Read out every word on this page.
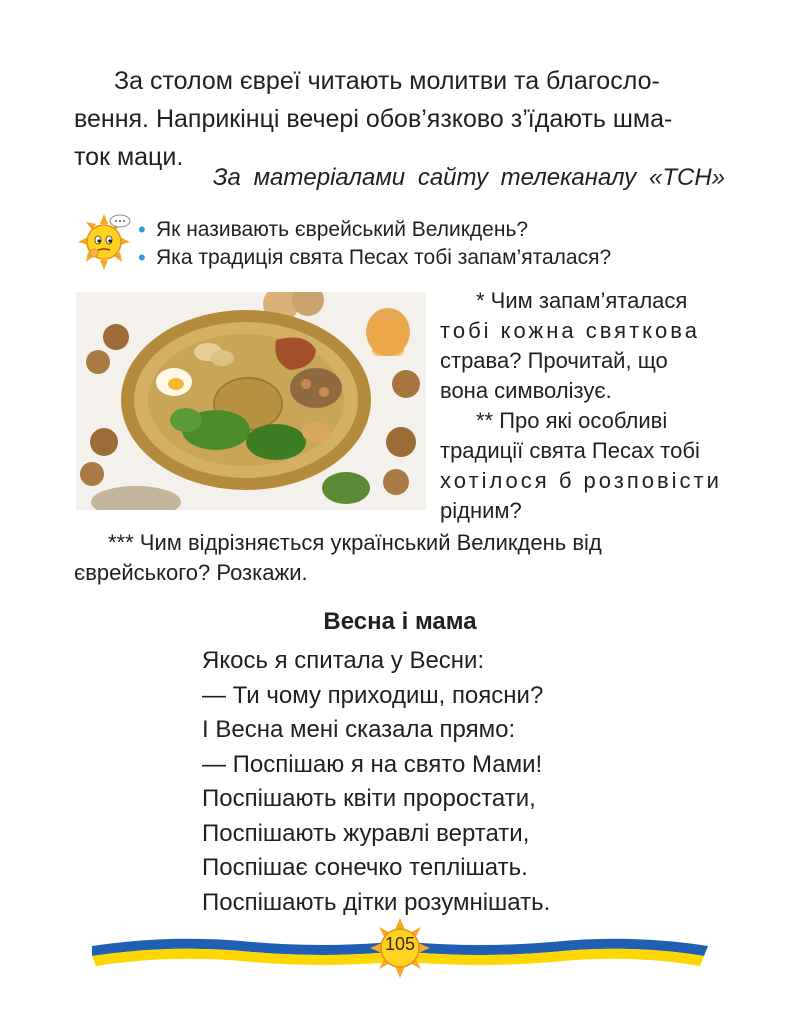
За столом євреї читають молитви та благосло-
вення. Наприкінці вечері обов’язково з’їдають шма-
ток маци.

За матеріалами сайту телеканалу «ТСН»
• Як називають єврейський Великдень?
• Яка традиція свята Песах тобі запам’яталася?

* Чим запам’яталася
тобі кожна святкова
страва? Прочитай, що
вона символізує.

** Про які особливі
традиції свята Песах тобі
хотілося б розповісти
рідним?

*** Чим відрізняється український Великдень від
єврейського? Розкажи.

Весна і мама
Якось я спитала у Весни:
— Ти чому приходиш, поясни?
І Весна мені сказала прямо:
— Поспішаю я на свято Мами!
Поспішають квіти проростати,
Поспішають журавлі вертати,
Поспішає сонечко теплішать.
Поспішають дітки розумнішать.
105
